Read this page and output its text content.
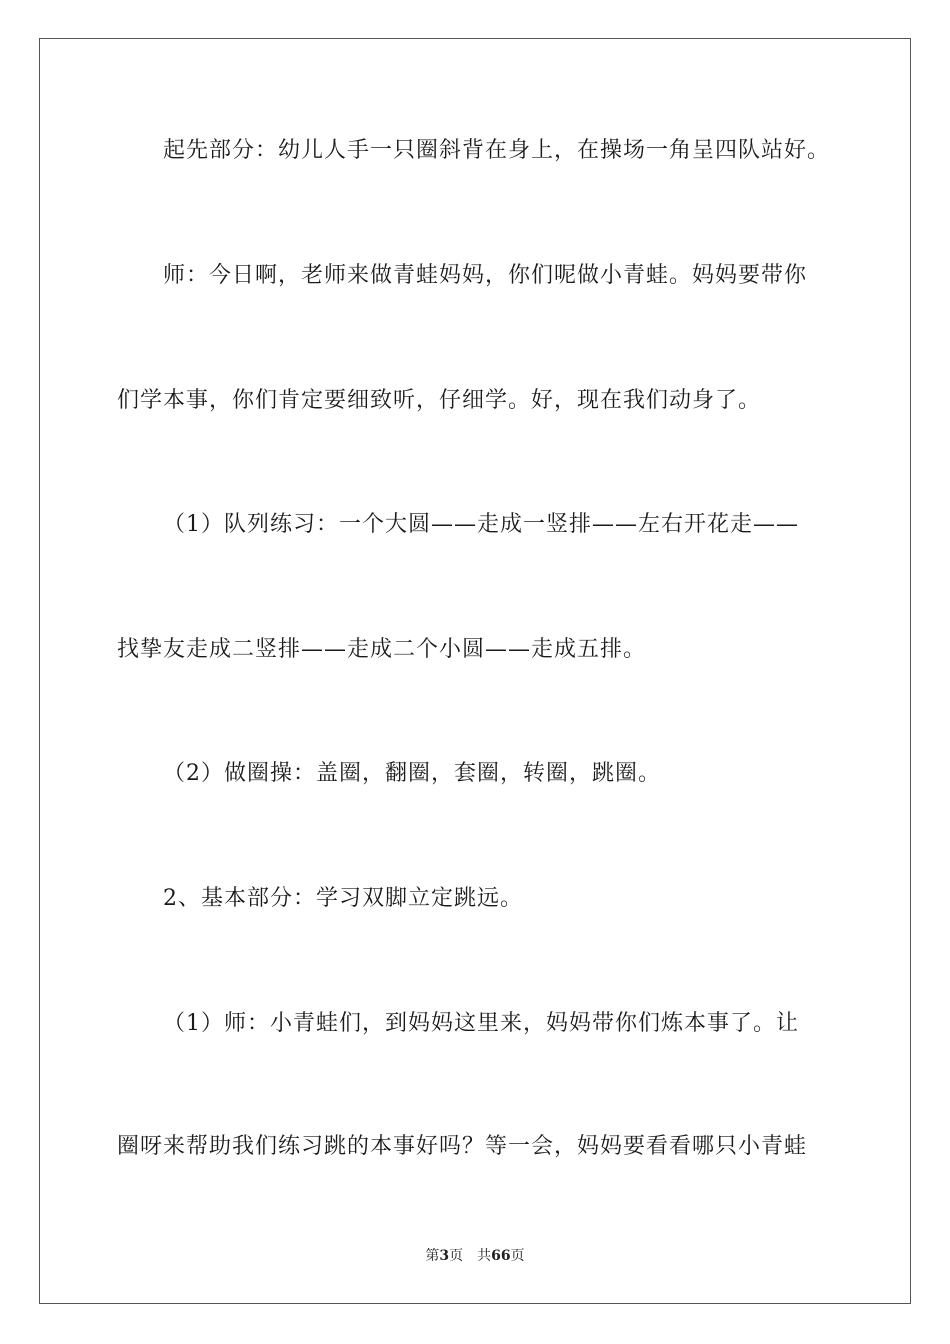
起先部分：幼儿人手一只圈斜背在身上，在操场一角呈四队站好。
师：今日啊，老师来做青蛙妈妈，你们呢做小青蛙。妈妈要带你
们学本事，你们肯定要细致听，仔细学。好，现在我们动身了。
（1）队列练习：一个大圆——走成一竖排——左右开花走——
找挚友走成二竖排——走成二个小圆——走成五排。
（2）做圈操：盖圈，翻圈，套圈，转圈，跳圈。
2、基本部分：学习双脚立定跳远。
（1）师：小青蛙们，到妈妈这里来，妈妈带你们炼本事了。让
圈呀来帮助我们练习跳的本事好吗？等一会，妈妈要看看哪只小青蛙
第3页 共66页
